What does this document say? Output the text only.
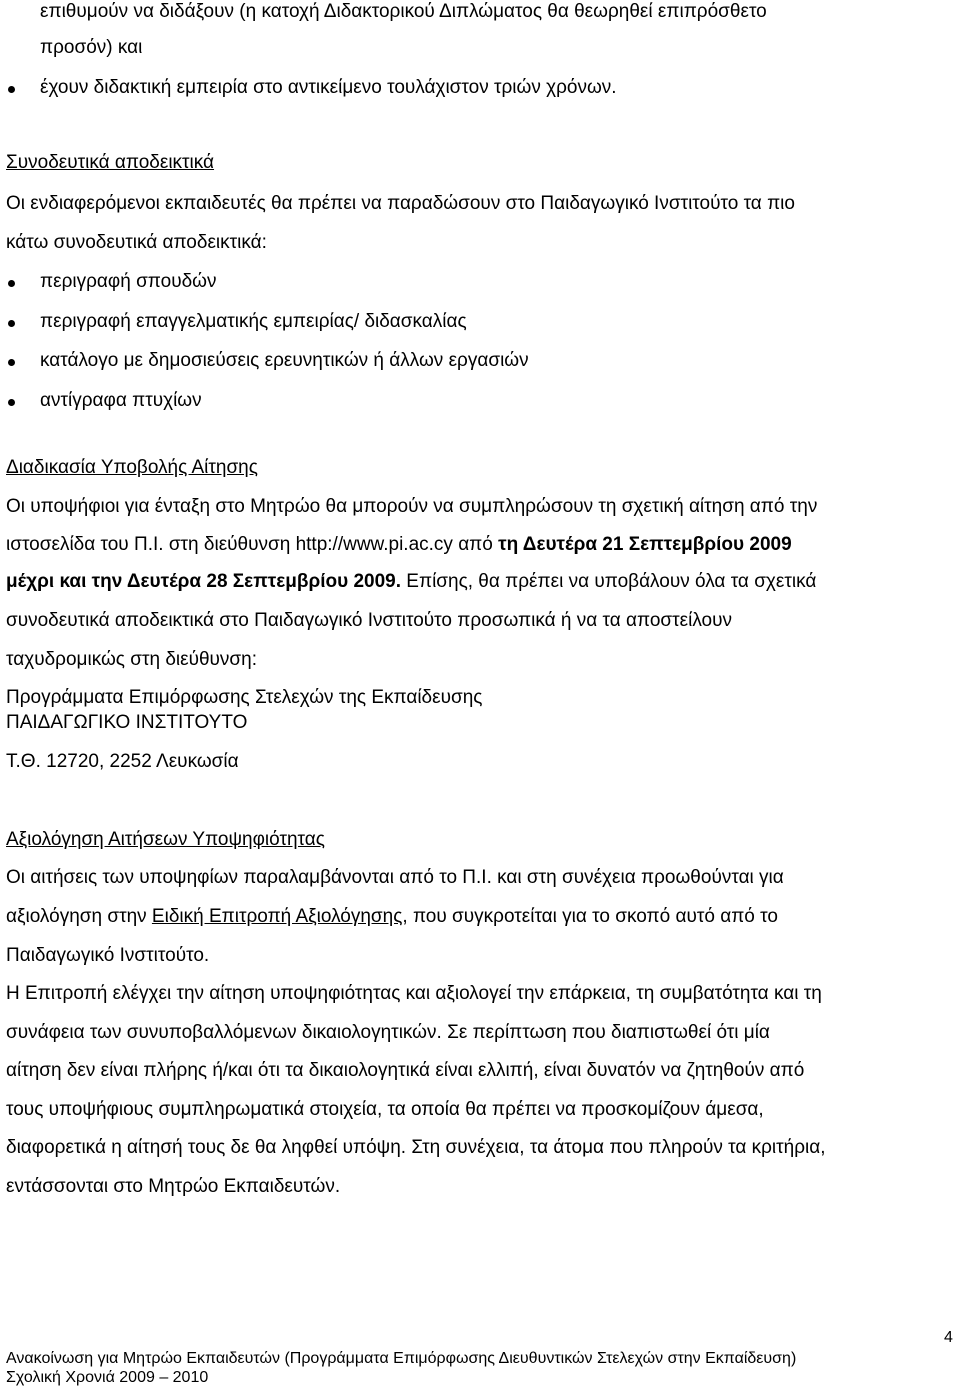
επιθυμούν να διδάξουν (η κατοχή Διδακτορικού Διπλώματος θα θεωρηθεί επιπρόσθετο
προσόν) και
έχουν διδακτική εμπειρία στο αντικείμενο τουλάχιστον τριών χρόνων.
Συνοδευτικά αποδεικτικά
Οι ενδιαφερόμενοι εκπαιδευτές θα πρέπει να παραδώσουν στο Παιδαγωγικό Ινστιτούτο τα πιο
κάτω συνοδευτικά αποδεικτικά:
περιγραφή σπουδών
περιγραφή επαγγελματικής εμπειρίας/ διδασκαλίας
κατάλογο με δημοσιεύσεις ερευνητικών ή άλλων εργασιών
αντίγραφα πτυχίων
Διαδικασία Υποβολής Αίτησης
Οι υποψήφιοι για ένταξη στο Μητρώο θα μπορούν να συμπληρώσουν τη σχετική αίτηση από την
ιστοσελίδα του Π.Ι. στη διεύθυνση http://www.pi.ac.cy από τη Δευτέρα 21 Σεπτεμβρίου 2009
μέχρι και την Δευτέρα 28 Σεπτεμβρίου 2009. Επίσης, θα πρέπει να υποβάλουν όλα τα σχετικά
συνοδευτικά αποδεικτικά στο Παιδαγωγικό Ινστιτούτο προσωπικά ή να τα αποστείλουν
ταχυδρομικώς στη διεύθυνση:
Προγράμματα Επιμόρφωσης Στελεχών της Εκπαίδευσης
ΠΑΙΔΑΓΩΓΙΚΟ ΙΝΣΤΙΤΟΥΤΟ
Τ.Θ. 12720, 2252 Λευκωσία
Αξιολόγηση Αιτήσεων Υποψηφιότητας
Οι αιτήσεις των υποψηφίων παραλαμβάνονται από το Π.Ι. και στη συνέχεια προωθούνται για
αξιολόγηση στην Ειδική Επιτροπή Αξιολόγησης, που συγκροτείται για το σκοπό αυτό από το
Παιδαγωγικό Ινστιτούτο.
Η Επιτροπή ελέγχει την αίτηση υποψηφιότητας και αξιολογεί την επάρκεια, τη συμβατότητα και τη
συνάφεια των συνυποβαλλόμενων δικαιολογητικών. Σε περίπτωση που διαπιστωθεί ότι μία
αίτηση δεν είναι πλήρης ή/και ότι τα δικαιολογητικά είναι ελλιπή, είναι δυνατόν να ζητηθούν από
τους υποψήφιους συμπληρωματικά στοιχεία, τα οποία θα πρέπει να προσκομίζουν άμεσα,
διαφορετικά η αίτησή τους δε θα ληφθεί υπόψη. Στη συνέχεια, τα άτομα που πληρούν τα κριτήρια,
εντάσσονται στο Μητρώο Εκπαιδευτών.
4
Ανακοίνωση για Μητρώο Εκπαιδευτών (Προγράμματα Επιμόρφωσης Διευθυντικών Στελεχών στην Εκπαίδευση)
Σχολική Χρονιά 2009 – 2010
